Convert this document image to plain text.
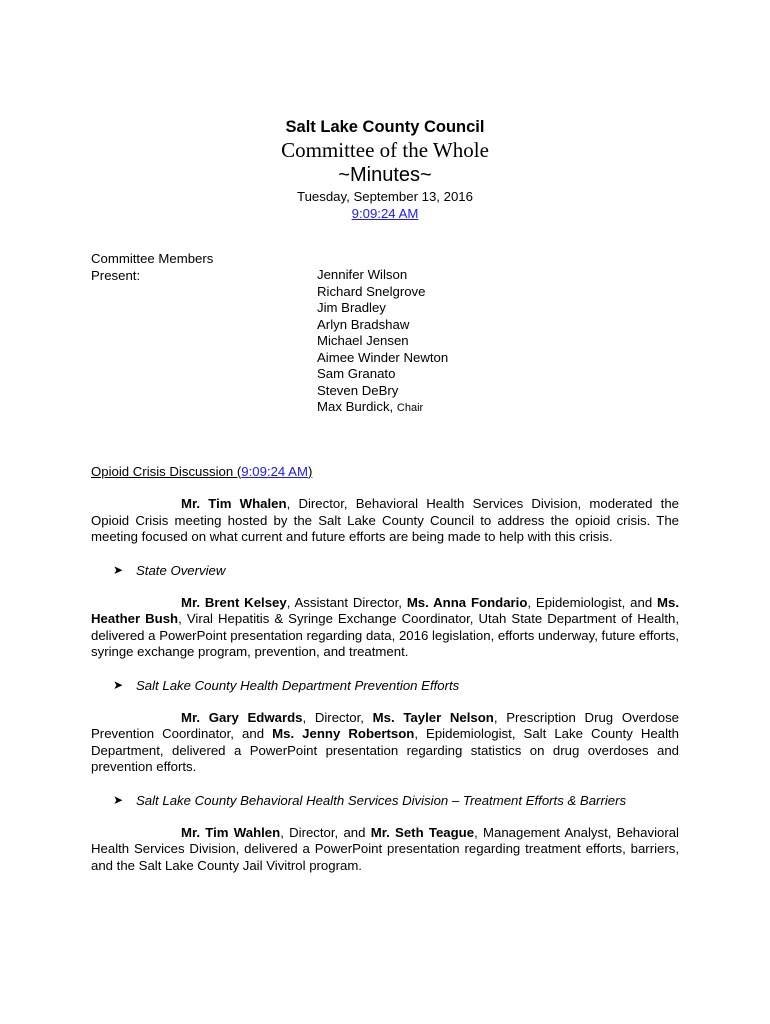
Salt Lake County Council
Committee of the Whole
~Minutes~
Tuesday, September 13, 2016
9:09:24 AM
Committee Members
Present:	Jennifer Wilson
Richard Snelgrove
Jim Bradley
Arlyn Bradshaw
Michael Jensen
Aimee Winder Newton
Sam Granato
Steven DeBry
Max Burdick, Chair
Opioid Crisis Discussion (9:09:24 AM)

Mr. Tim Whalen, Director, Behavioral Health Services Division, moderated the Opioid Crisis meeting hosted by the Salt Lake County Council to address the opioid crisis. The meeting focused on what current and future efforts are being made to help with this crisis.

➤ State Overview

Mr. Brent Kelsey, Assistant Director, Ms. Anna Fondario, Epidemiologist, and Ms. Heather Bush, Viral Hepatitis & Syringe Exchange Coordinator, Utah State Department of Health, delivered a PowerPoint presentation regarding data, 2016 legislation, efforts underway, future efforts, syringe exchange program, prevention, and treatment.

➤ Salt Lake County Health Department Prevention Efforts

Mr. Gary Edwards, Director, Ms. Tayler Nelson, Prescription Drug Overdose Prevention Coordinator, and Ms. Jenny Robertson, Epidemiologist, Salt Lake County Health Department, delivered a PowerPoint presentation regarding statistics on drug overdoses and prevention efforts.

➤ Salt Lake County Behavioral Health Services Division – Treatment Efforts & Barriers

Mr. Tim Wahlen, Director, and Mr. Seth Teague, Management Analyst, Behavioral Health Services Division, delivered a PowerPoint presentation regarding treatment efforts, barriers, and the Salt Lake County Jail Vivitrol program.
